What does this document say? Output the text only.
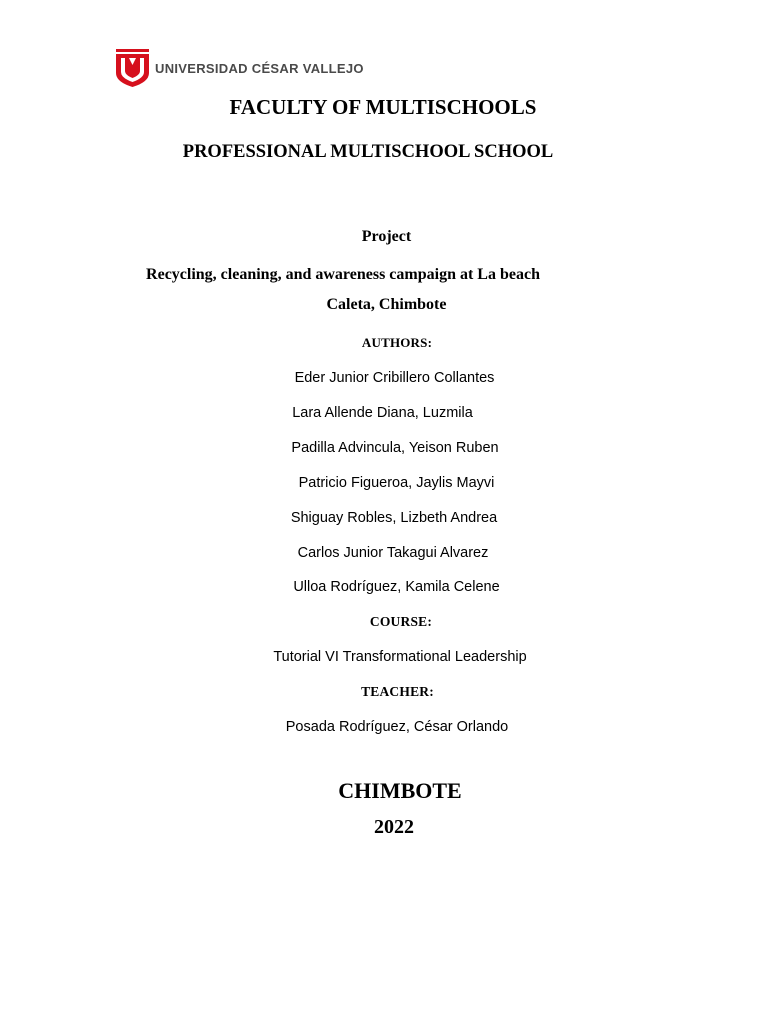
UNIVERSIDAD CÉSAR VALLEJO
FACULTY OF MULTISCHOOLS
PROFESSIONAL MULTISCHOOL SCHOOL
Project
Recycling, cleaning, and awareness campaign at La beach
Caleta, Chimbote
AUTHORS:
Eder Junior Cribillero Collantes
Lara Allende Diana, Luzmila
Padilla Advincula, Yeison Ruben
Patricio Figueroa, Jaylis Mayvi
Shiguay Robles, Lizbeth Andrea
Carlos Junior Takagui Alvarez
Ulloa Rodríguez, Kamila Celene
COURSE:
Tutorial VI Transformational Leadership
TEACHER:
Posada Rodríguez, César Orlando
CHIMBOTE
2022
